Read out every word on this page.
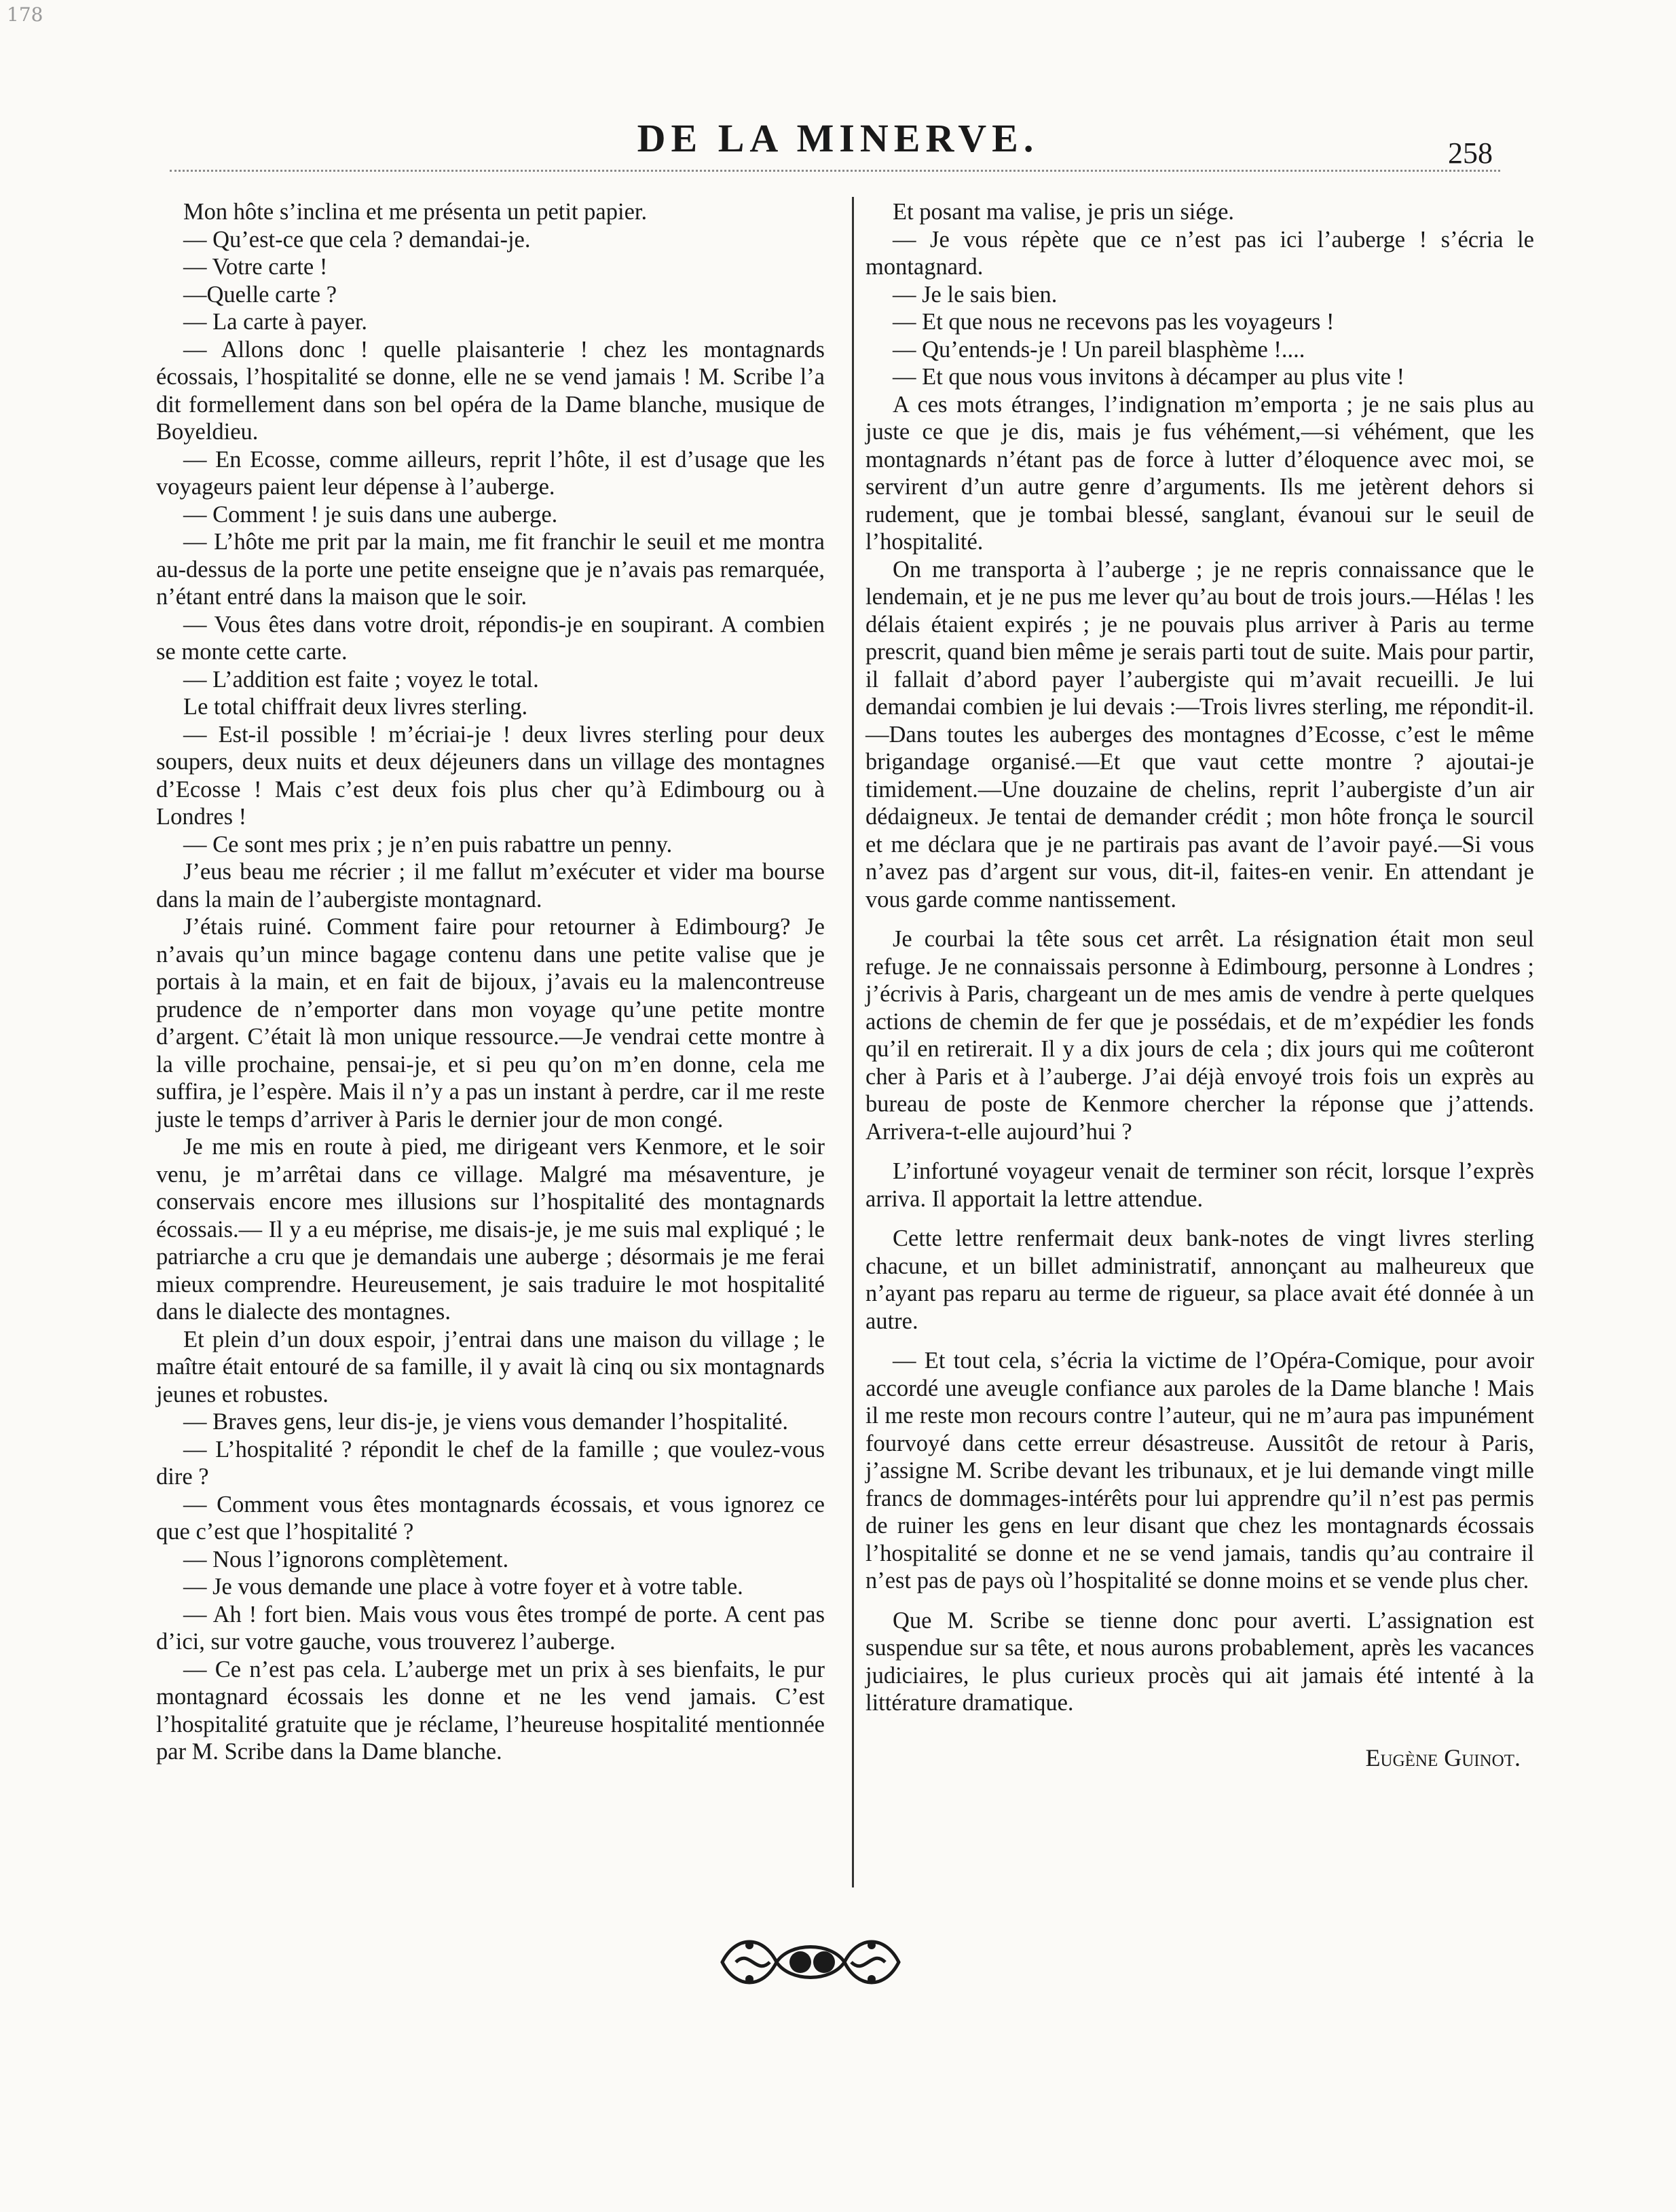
178
DE LA MINERVE.	258

Mon hôte s’inclina et me présenta un petit papier.

— Qu’est-ce que cela ? demandai-je.

— Votre carte !

—Quelle carte ?

— La carte à payer.

— Allons donc ! quelle plaisanterie ! chez les montagnards écossais, l’hospitalité se donne, elle ne se vend jamais ! M. Scribe l’a dit formellement dans son bel opéra de la Dame blanche, musique de Boyeldieu.

— En Ecosse, comme ailleurs, reprit l’hôte, il est d’usage que les voyageurs paient leur dépense à l’auberge.

— Comment ! je suis dans une auberge.

— L’hôte me prit par la main, me fit franchir le seuil et me montra au-dessus de la porte une petite enseigne que je n’avais pas remarquée, n’étant entré dans la maison que le soir.

— Vous êtes dans votre droit, répondis-je en soupirant. A combien se monte cette carte.

— L’addition est faite ; voyez le total.

Le total chiffrait deux livres sterling.

— Est-il possible ! m’écriai-je ! deux livres sterling pour deux soupers, deux nuits et deux déjeuners dans un village des montagnes d’Ecosse ! Mais c’est deux fois plus cher qu’à Edimbourg ou à Londres !

— Ce sont mes prix ; je n’en puis rabattre un penny.

J’eus beau me récrier ; il me fallut m’exécuter et vider ma bourse dans la main de l’aubergiste montagnard.

J’étais ruiné. Comment faire pour retourner à Edimbourg? Je n’avais qu’un mince bagage contenu dans une petite valise que je portais à la main, et en fait de bijoux, j’avais eu la malencontreuse prudence de n’emporter dans mon voyage qu’une petite montre d’argent. C’était là mon unique ressource.—Je vendrai cette montre à la ville prochaine, pensai-je, et si peu qu’on m’en donne, cela me suffira, je l’espère. Mais il n’y a pas un instant à perdre, car il me reste juste le temps d’arriver à Paris le dernier jour de mon congé.

Je me mis en route à pied, me dirigeant vers Kenmore, et le soir venu, je m’arrêtai dans ce village. Malgré ma mésaventure, je conservais encore mes illusions sur l’hospitalité des montagnards écossais.— Il y a eu méprise, me disais-je, je me suis mal expliqué ; le patriarche a cru que je demandais une auberge ; désormais je me ferai mieux comprendre. Heureusement, je sais traduire le mot hospitalité dans le dialecte des montagnes.

Et plein d’un doux espoir, j’entrai dans une maison du village ; le maître était entouré de sa famille, il y avait là cinq ou six montagnards jeunes et robustes.

— Braves gens, leur dis-je, je viens vous demander l’hospitalité.

— L’hospitalité ? répondit le chef de la famille ; que voulez-vous dire ?

— Comment vous êtes montagnards écossais, et vous ignorez ce que c’est que l’hospitalité ?

— Nous l’ignorons complètement.

— Je vous demande une place à votre foyer et à votre table.

— Ah ! fort bien. Mais vous vous êtes trompé de porte. A cent pas d’ici, sur votre gauche, vous trouverez l’auberge.

— Ce n’est pas cela. L’auberge met un prix à ses bienfaits, le pur montagnard écossais les donne et ne les vend jamais. C’est l’hospitalité gratuite que je réclame, l’heureuse hospitalité mentionnée par M. Scribe dans la Dame blanche.

Et posant ma valise, je pris un siége.

— Je vous répète que ce n’est pas ici l’auberge ! s’écria le montagnard.

— Je le sais bien.

— Et que nous ne recevons pas les voyageurs !

— Qu’entends-je ! Un pareil blasphème !....

— Et que nous vous invitons à décamper au plus vite !

A ces mots étranges, l’indignation m’emporta ; je ne sais plus au juste ce que je dis, mais je fus véhément,—si véhément, que les montagnards n’étant pas de force à lutter d’éloquence avec moi, se servirent d’un autre genre d’arguments. Ils me jetèrent dehors si rudement, que je tombai blessé, sanglant, évanoui sur le seuil de l’hospitalité.

On me transporta à l’auberge ; je ne repris connaissance que le lendemain, et je ne pus me lever qu’au bout de trois jours.—Hélas ! les délais étaient expirés ; je ne pouvais plus arriver à Paris au terme prescrit, quand bien même je serais parti tout de suite. Mais pour partir, il fallait d’abord payer l’aubergiste qui m’avait recueilli. Je lui demandai combien je lui devais :—Trois livres sterling, me répondit-il.—Dans toutes les auberges des montagnes d’Ecosse, c’est le même brigandage organisé.—Et que vaut cette montre ? ajoutai-je timidement.—Une douzaine de chelins, reprit l’aubergiste d’un air dédaigneux. Je tentai de demander crédit ; mon hôte fronça le sourcil et me déclara que je ne partirais pas avant de l’avoir payé.—Si vous n’avez pas d’argent sur vous, dit-il, faites-en venir. En attendant je vous garde comme nantissement.

Je courbai la tête sous cet arrêt. La résignation était mon seul refuge. Je ne connaissais personne à Edimbourg, personne à Londres ; j’écrivis à Paris, chargeant un de mes amis de vendre à perte quelques actions de chemin de fer que je possédais, et de m’expédier les fonds qu’il en retirerait. Il y a dix jours de cela ; dix jours qui me coûteront cher à Paris et à l’auberge. J’ai déjà envoyé trois fois un exprès au bureau de poste de Kenmore chercher la réponse que j’attends. Arrivera-t-elle aujourd’hui ?

L’infortuné voyageur venait de terminer son récit, lorsque l’exprès arriva. Il apportait la lettre attendue.

Cette lettre renfermait deux bank-notes de vingt livres sterling chacune, et un billet administratif, annonçant au malheureux que n’ayant pas reparu au terme de rigueur, sa place avait été donnée à un autre.

— Et tout cela, s’écria la victime de l’Opéra-Comique, pour avoir accordé une aveugle confiance aux paroles de la Dame blanche ! Mais il me reste mon recours contre l’auteur, qui ne m’aura pas impunément fourvoyé dans cette erreur désastreuse. Aussitôt de retour à Paris, j’assigne M. Scribe devant les tribunaux, et je lui demande vingt mille francs de dommages-intérêts pour lui apprendre qu’il n’est pas permis de ruiner les gens en leur disant que chez les montagnards écossais l’hospitalité se donne et ne se vend jamais, tandis qu’au contraire il n’est pas de pays où l’hospitalité se donne moins et se vende plus cher.

Que M. Scribe se tienne donc pour averti. L’assignation est suspendue sur sa tête, et nous aurons probablement, après les vacances judiciaires, le plus curieux procès qui ait jamais été intenté à la littérature dramatique.

Eugène Guinot.
